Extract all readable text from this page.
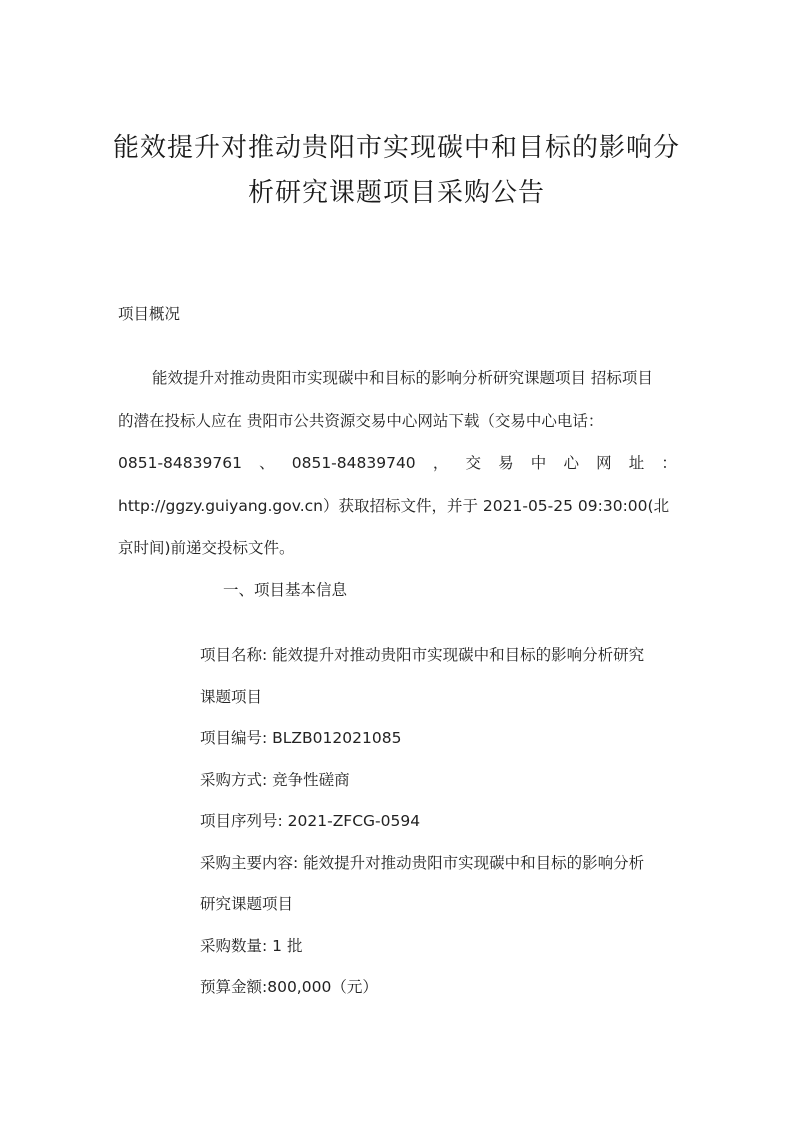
能效提升对推动贵阳市实现碳中和目标的影响分
析研究课题项目采购公告
项目概况
能效提升对推动贵阳市实现碳中和目标的影响分析研究课题项目 招标项目
的潜在投标人应在 贵阳市公共资源交易中心网站下载（交易中心电话：
0851-84839761 、 0851-84839740 ， 交 易 中 心 网 址 ：
http://ggzy.guiyang.gov.cn）获取招标文件，并于 2021-05-25 09:30:00(北
京时间)前递交投标文件。
一、项目基本信息
项目名称: 能效提升对推动贵阳市实现碳中和目标的影响分析研究
课题项目
项目编号: BLZB012021085
采购方式: 竞争性磋商
项目序列号: 2021-ZFCG-0594
采购主要内容: 能效提升对推动贵阳市实现碳中和目标的影响分析
研究课题项目
采购数量: 1 批
预算金额:800,000（元）
